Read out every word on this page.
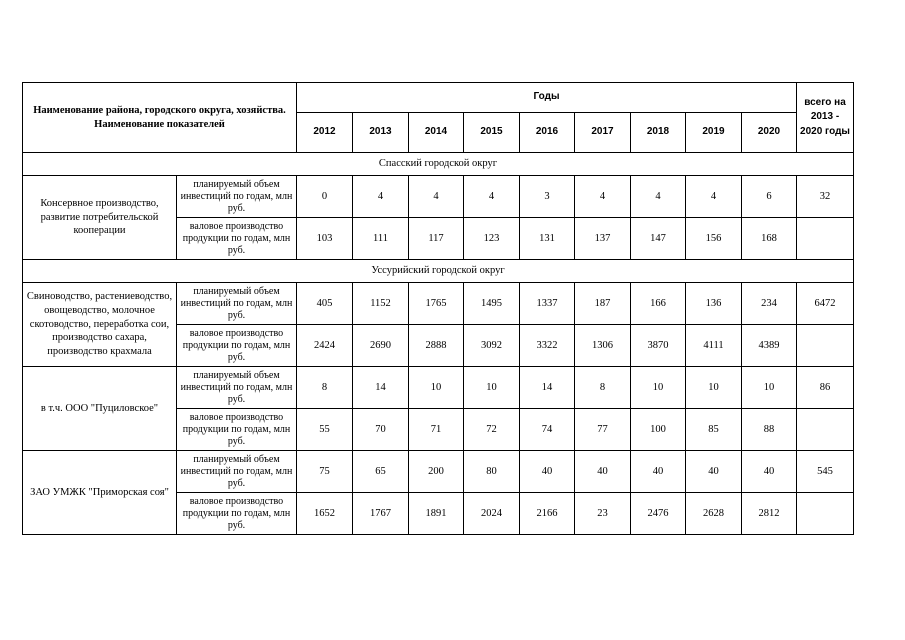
Наименование района, городского округа, хозяйства. Наименование показателей		Годы									всего на 2013 - 2020 годы
		2012	2013	2014	2015	2016	2017	2018	2019	2020	
Спасский городской округ											
Консервное производство, развитие потребительской кооперации	планируемый объем инвестиций по годам, млн руб.	0	4	4	4	3	4	4	4	6	32
	валовое производство продукции по годам, млн руб.	103	111	117	123	131	137	147	156	168	
Уссурийский городской округ											
Свиноводство, растениеводство, овощеводство, молочное скотоводство, переработка сои, производство сахара, производство крахмала	планируемый объем инвестиций по годам, млн руб.	405	1152	1765	1495	1337	187	166	136	234	6472
	валовое производство продукции по годам, млн руб.	2424	2690	2888	3092	3322	1306	3870	4111	4389	
в т.ч. ООО "Пуциловское"	планируемый объем инвестиций по годам, млн руб.	8	14	10	10	14	8	10	10	10	86
	валовое производство продукции по годам, млн руб.	55	70	71	72	74	77	100	85	88	
ЗАО УМЖК "Приморская соя"	планируемый объем инвестиций по годам, млн руб.	75	65	200	80	40	40	40	40	40	545
	валовое производство продукции по годам, млн руб.	1652	1767	1891	2024	2166	23	2476	2628	2812	
